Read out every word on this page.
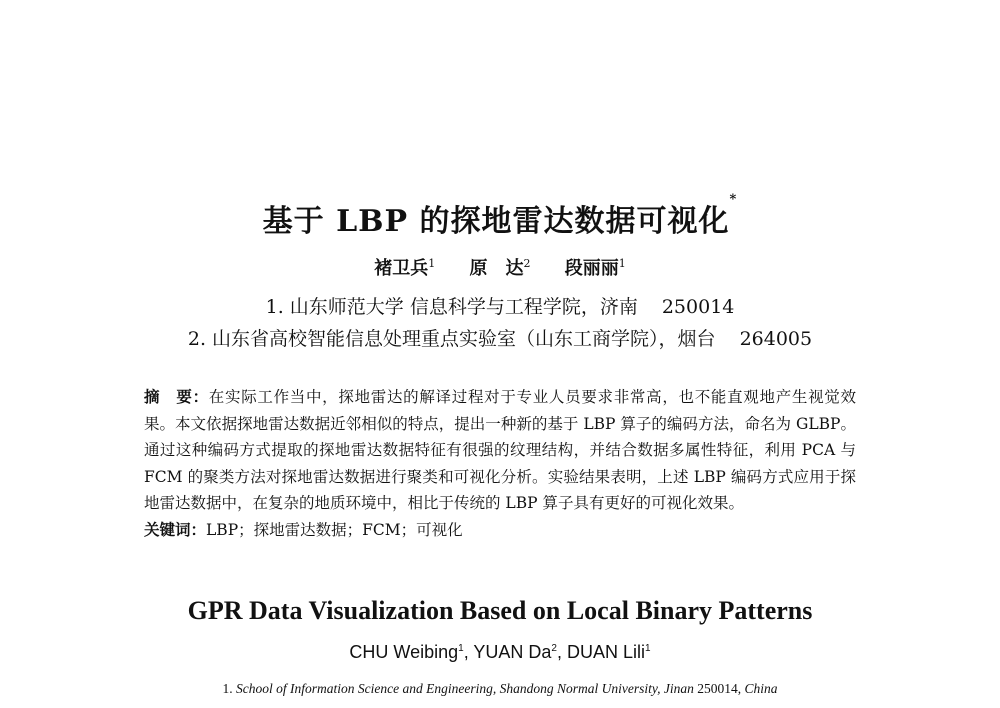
基于 LBP 的探地雷达数据可视化*
褚卫兵$^1$ 原　达$^2$ 段丽丽$^1$
1. 山东师范大学 信息科学与工程学院，济南 250014
2. 山东省高校智能信息处理重点实验室（山东工商学院），烟台 264005
摘　要：在实际工作当中，探地雷达的解译过程对于专业人员要求非常高，也不能直观地产生视觉效果。本文依据探地雷达数据近邻相似的特点，提出一种新的基于 LBP 算子的编码方法，命名为 GLBP。通过这种编码方式提取的探地雷达数据特征有很强的纹理结构，并结合数据多属性特征，利用 PCA 与 FCM 的聚类方法对探地雷达数据进行聚类和可视化分析。实验结果表明，上述 LBP 编码方式应用于探地雷达数据中，在复杂的地质环境中，相比于传统的 LBP 算子具有更好的可视化效果。
关键词：LBP；探地雷达数据；FCM；可视化
GPR Data Visualization Based on Local Binary Patterns
CHU Weibing$^1$, YUAN Da$^2$, DUAN Lili$^1$
1. School of Information Science and Engineering, Shandong Normal University, Jinan 250014, China
